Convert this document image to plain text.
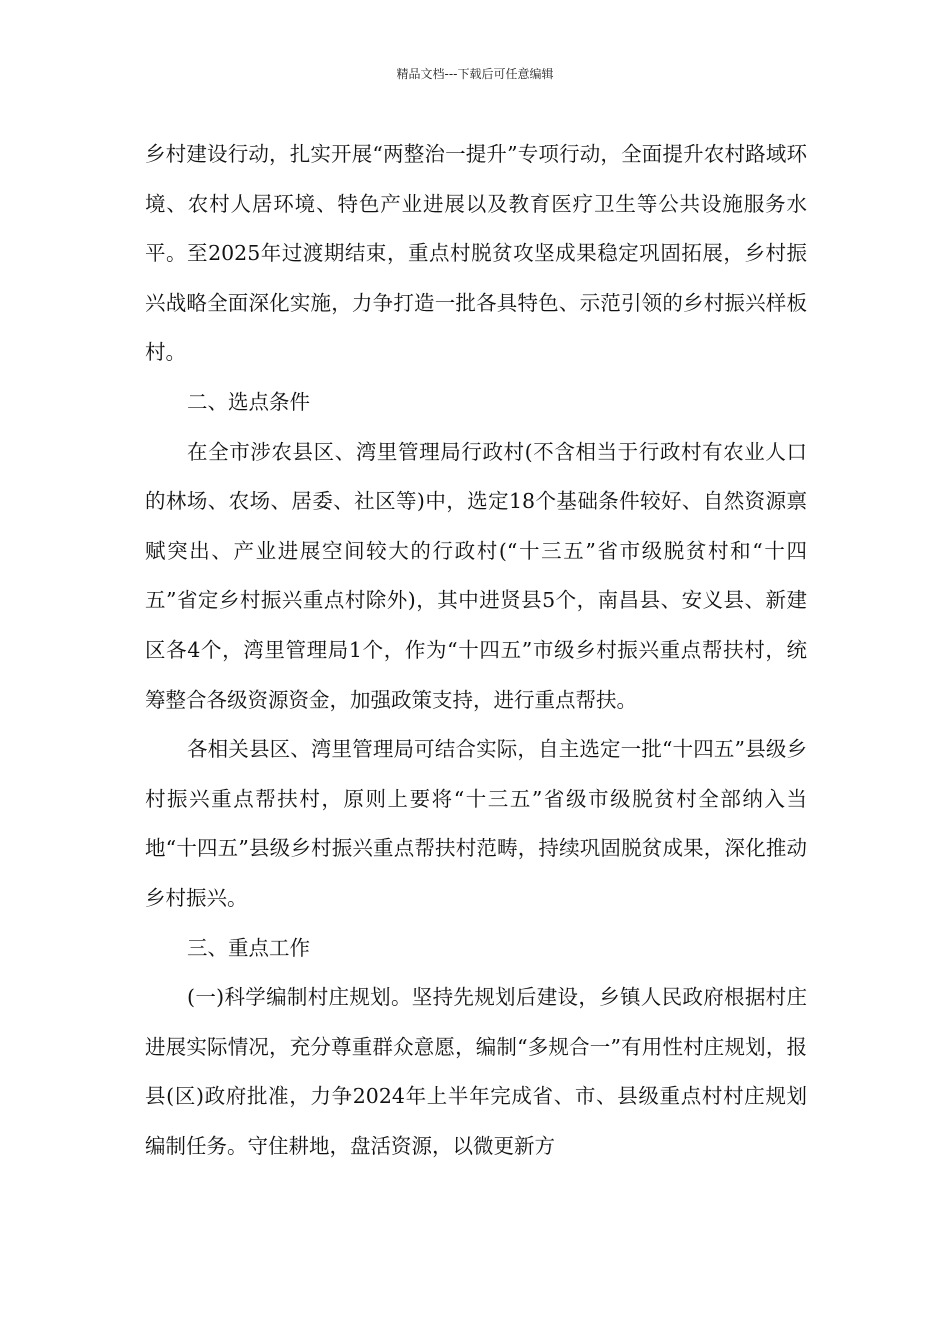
精品文档---下载后可任意编辑

乡村建设行动，扎实开展“两整治一提升”专项行动，全面提升农村路域环境、农村人居环境、特色产业进展以及教育医疗卫生等公共设施服务水平。至2025年过渡期结束，重点村脱贫攻坚成果稳定巩固拓展，乡村振兴战略全面深化实施，力争打造一批各具特色、示范引领的乡村振兴样板村。

二、选点条件

在全市涉农县区、湾里管理局行政村(不含相当于行政村有农业人口的林场、农场、居委、社区等)中，选定18个基础条件较好、自然资源禀赋突出、产业进展空间较大的行政村(“十三五”省市级脱贫村和“十四五”省定乡村振兴重点村除外)，其中进贤县5个，南昌县、安义县、新建区各4个，湾里管理局1个，作为“十四五”市级乡村振兴重点帮扶村，统筹整合各级资源资金，加强政策支持，进行重点帮扶。

各相关县区、湾里管理局可结合实际，自主选定一批“十四五”县级乡村振兴重点帮扶村，原则上要将“十三五”省级市级脱贫村全部纳入当地“十四五”县级乡村振兴重点帮扶村范畴，持续巩固脱贫成果，深化推动乡村振兴。

三、重点工作

(一)科学编制村庄规划。坚持先规划后建设，乡镇人民政府根据村庄进展实际情况，充分尊重群众意愿，编制“多规合一”有用性村庄规划，报县(区)政府批准，力争2024年上半年完成省、市、县级重点村村庄规划编制任务。守住耕地，盘活资源，以微更新方
